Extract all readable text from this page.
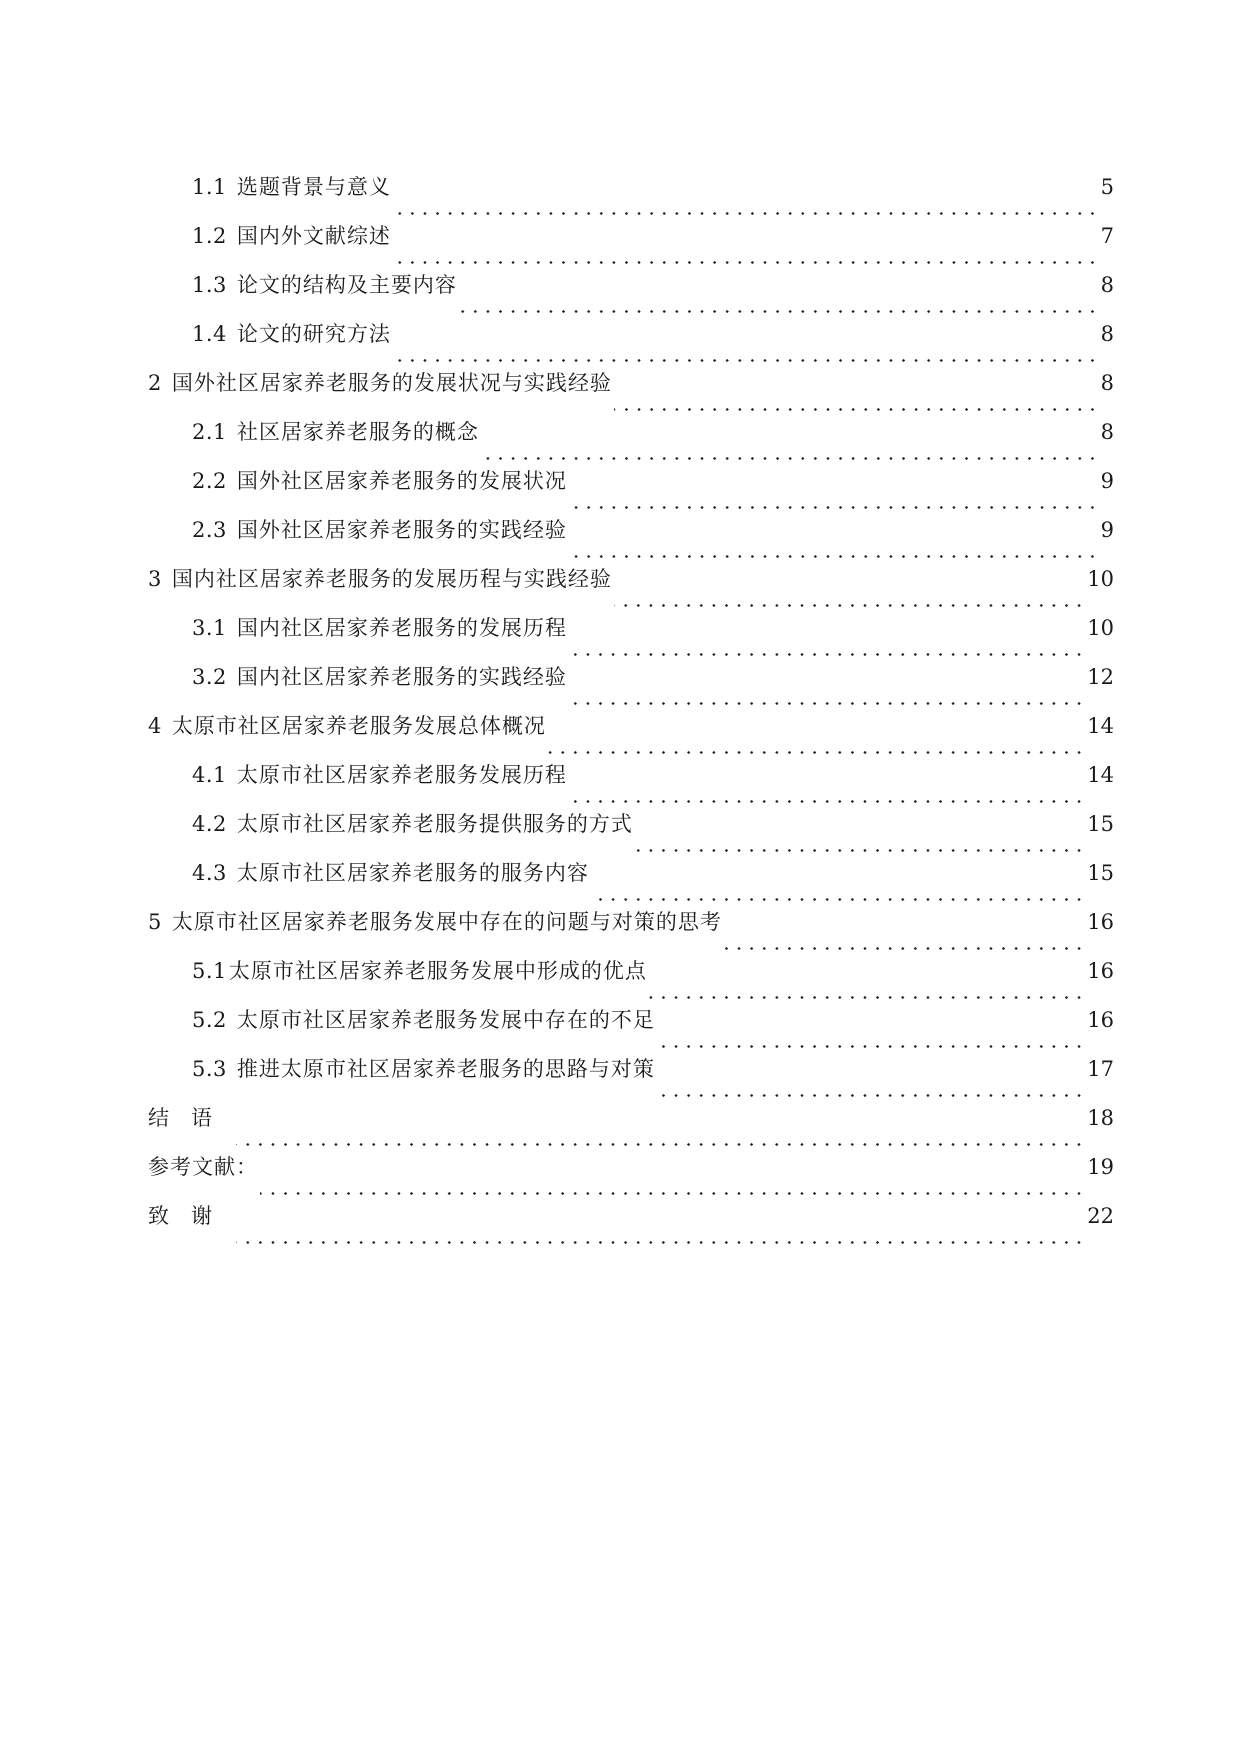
1.1 选题背景与意义	5
1.2 国内外文献综述	7
1.3 论文的结构及主要内容	8
1.4 论文的研究方法	8
2 国外社区居家养老服务的发展状况与实践经验	8
2.1 社区居家养老服务的概念	8
2.2 国外社区居家养老服务的发展状况	9
2.3 国外社区居家养老服务的实践经验	9
3 国内社区居家养老服务的发展历程与实践经验	10
3.1 国内社区居家养老服务的发展历程	10
3.2 国内社区居家养老服务的实践经验	12
4 太原市社区居家养老服务发展总体概况	14
4.1 太原市社区居家养老服务发展历程	14
4.2 太原市社区居家养老服务提供服务的方式	15
4.3 太原市社区居家养老服务的服务内容	15
5 太原市社区居家养老服务发展中存在的问题与对策的思考	16
5.1 太原市社区居家养老服务发展中形成的优点	16
5.2 太原市社区居家养老服务发展中存在的不足	16
5.3 推进太原市社区居家养老服务的思路与对策	17
结语	18
参考文献：	19
致谢	22
